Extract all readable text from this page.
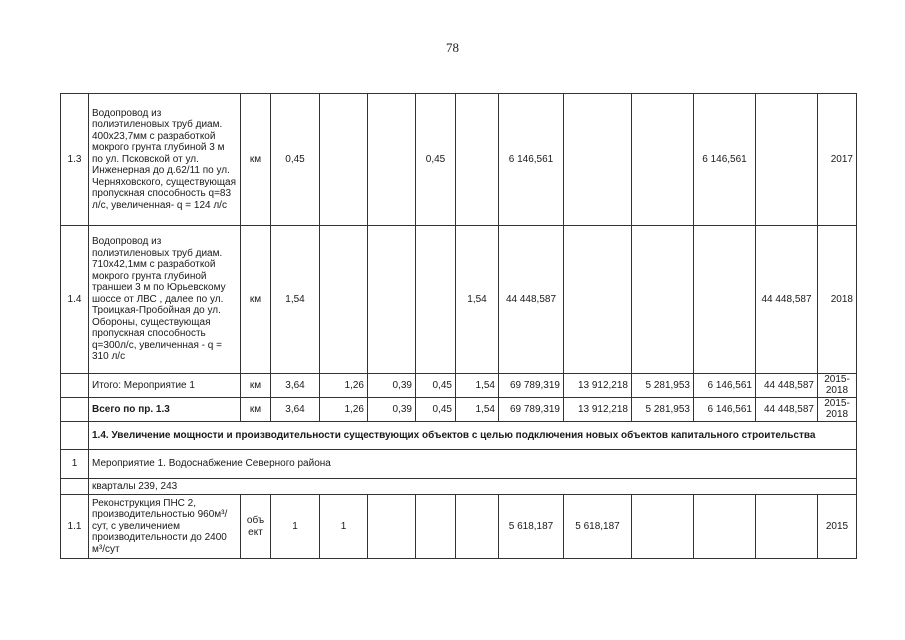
78
1.3	Водопровод из полиэтиленовых труб диам. 400х23,7мм с разработкой мокрого грунта глубиной 3 м по ул. Псковской от ул. Инженерная до д.62/11 по ул. Черняховского, существующая пропускная способность q=83 л/с, увеличенная- q = 124 л/с	км	0,45			0,45		6 146,561			6 146,561		2017
1.4	Водопровод из полиэтиленовых труб диам. 710х42,1мм с разработкой мокрого грунта глубиной траншеи 3 м по Юрьевскому шоссе от ЛВС , далее по ул. Троицкая-Пробойная до ул. Обороны, существующая пропускная способность q=300л/с, увеличенная - q = 310 л/с	км	1,54				1,54	44 448,587				44 448,587	2018
	Итого: Мероприятие 1	км	3,64	1,26	0,39	0,45	1,54	69 789,319	13 912,218	5 281,953	6 146,561	44 448,587	2015-2018
	Всего по пр. 1.3	км	3,64	1,26	0,39	0,45	1,54	69 789,319	13 912,218	5 281,953	6 146,561	44 448,587	2015-2018
	1.4. Увеличение мощности и производительности существующих объектов с целью подключения новых объектов капитального строительства												
1	Мероприятие 1. Водоснабжение Северного района												
	кварталы 239, 243												
1.1	Реконструкция ПНС 2, производительностью 960м³/сут, с увеличением производительности до 2400 м³/сут	объ ект	1	1				5 618,187	5 618,187				2015
